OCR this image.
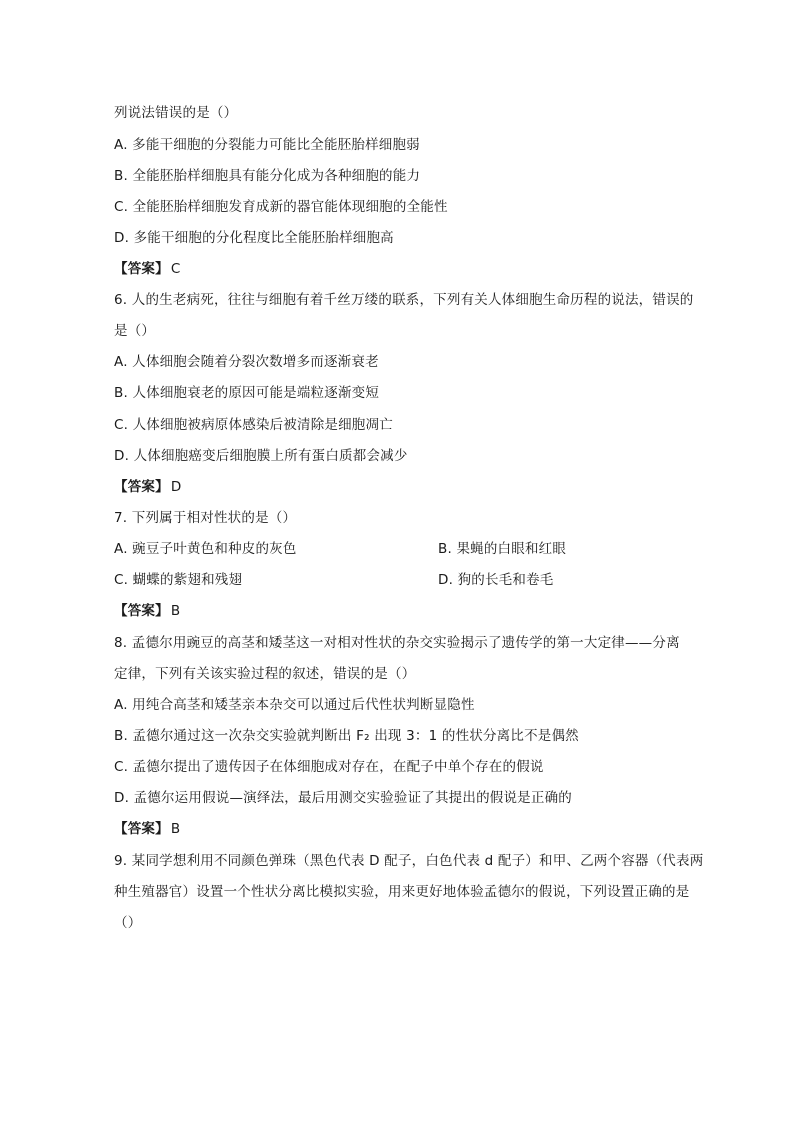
列说法错误的是（）
A. 多能干细胞的分裂能力可能比全能胚胎样细胞弱
B. 全能胚胎样细胞具有能分化成为各种细胞的能力
C. 全能胚胎样细胞发育成新的器官能体现细胞的全能性
D. 多能干细胞的分化程度比全能胚胎样细胞高
【答案】 C
6. 人的生老病死，往往与细胞有着千丝万缕的联系，下列有关人体细胞生命历程的说法，错误的
是（）
A. 人体细胞会随着分裂次数增多而逐渐衰老
B. 人体细胞衰老的原因可能是端粒逐渐变短
C. 人体细胞被病原体感染后被清除是细胞凋亡
D. 人体细胞癌变后细胞膜上所有蛋白质都会减少
【答案】 D
7. 下列属于相对性状的是（）
A. 豌豆子叶黄色和种皮的灰色	B. 果蝇的白眼和红眼
C. 蝴蝶的紫翅和残翅	D. 狗的长毛和卷毛
【答案】 B
8. 孟德尔用豌豆的高茎和矮茎这一对相对性状的杂交实验揭示了遗传学的第一大定律——分离
定律，下列有关该实验过程的叙述，错误的是（）
A. 用纯合高茎和矮茎亲本杂交可以通过后代性状判断显隐性
B. 孟德尔通过这一次杂交实验就判断出 F₂ 出现 3：1 的性状分离比不是偶然
C. 孟德尔提出了遗传因子在体细胞成对存在，在配子中单个存在的假说
D. 孟德尔运用假说—演绎法，最后用测交实验验证了其提出的假说是正确的
【答案】 B
9. 某同学想利用不同颜色弹珠（黑色代表 D 配子，白色代表 d 配子）和甲、乙两个容器（代表两
种生殖器官）设置一个性状分离比模拟实验，用来更好地体验孟德尔的假说，下列设置正确的是
（）
